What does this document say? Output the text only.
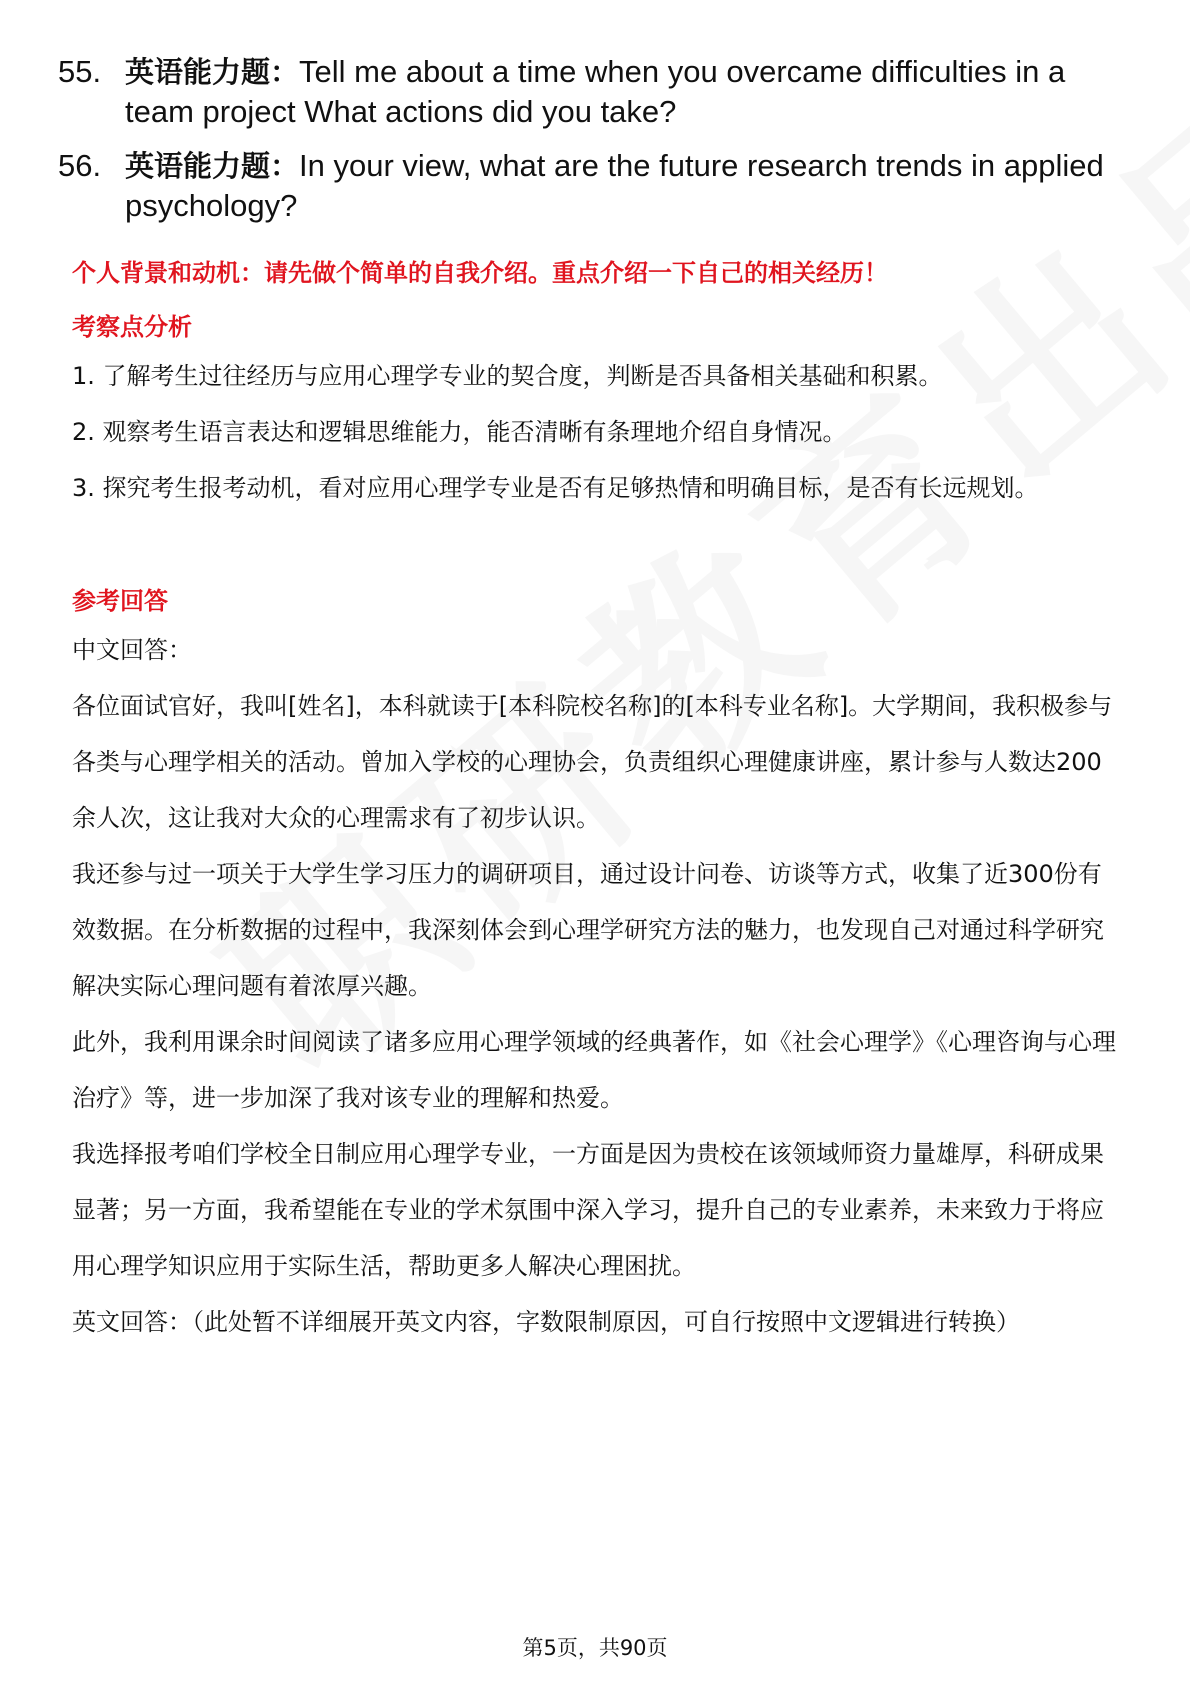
55. 英语能力题：Tell me about a time when you overcame difficulties in a team project What actions did you take?
56. 英语能力题：In your view, what are the future research trends in applied psychology?
个人背景和动机：请先做个简单的自我介绍。重点介绍一下自己的相关经历！
考察点分析
1. 了解考生过往经历与应用心理学专业的契合度，判断是否具备相关基础和积累。
2. 观察考生语言表达和逻辑思维能力，能否清晰有条理地介绍自身情况。
3. 探究考生报考动机，看对应用心理学专业是否有足够热情和明确目标，是否有长远规划。
参考回答
中文回答：
各位面试官好，我叫[姓名]，本科就读于[本科院校名称]的[本科专业名称]。大学期间，我积极参与各类与心理学相关的活动。曾加入学校的心理协会，负责组织心理健康讲座，累计参与人数达200余人次，这让我对大众的心理需求有了初步认识。
我还参与过一项关于大学生学习压力的调研项目，通过设计问卷、访谈等方式，收集了近300份有效数据。在分析数据的过程中，我深刻体会到心理学研究方法的魅力，也发现自己对通过科学研究解决实际心理问题有着浓厚兴趣。
此外，我利用课余时间阅读了诸多应用心理学领域的经典著作，如《社会心理学》《心理咨询与心理治疗》等，进一步加深了我对该专业的理解和热爱。
我选择报考咱们学校全日制应用心理学专业，一方面是因为贵校在该领域师资力量雄厚，科研成果显著；另一方面，我希望能在专业的学术氛围中深入学习，提升自己的专业素养，未来致力于将应用心理学知识应用于实际生活，帮助更多人解决心理困扰。
英文回答：（此处暂不详细展开英文内容，字数限制原因，可自行按照中文逻辑进行转换）
第5页，共90页
